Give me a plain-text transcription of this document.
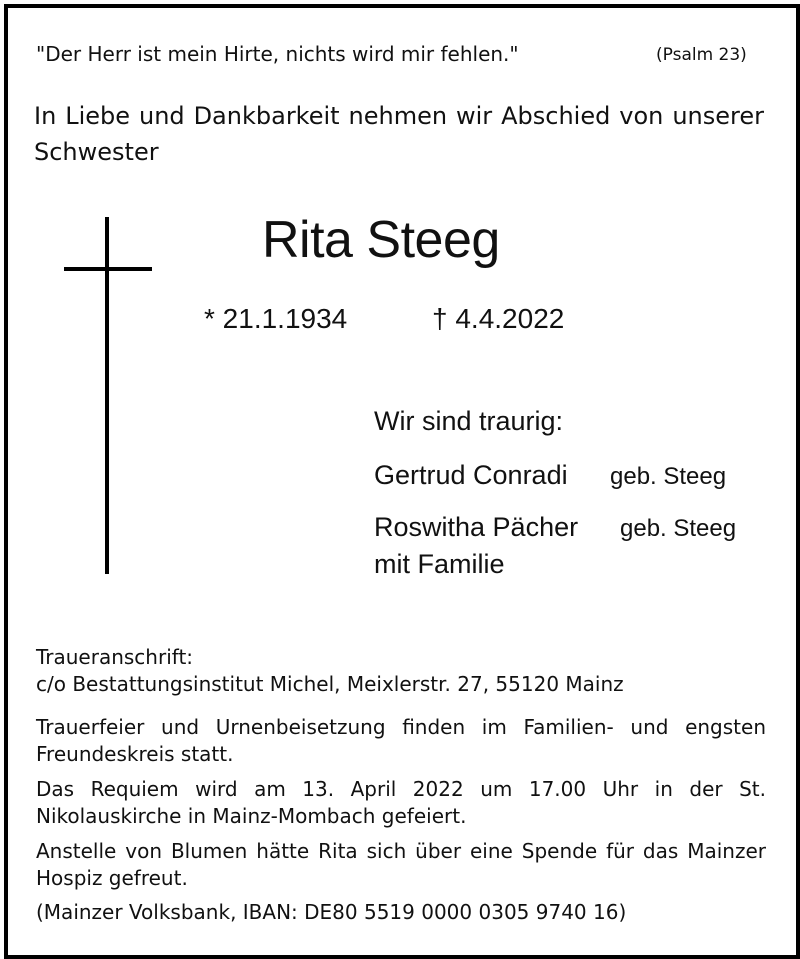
"Der Herr ist mein Hirte, nichts wird mir fehlen."	(Psalm 23)
In Liebe und Dankbarkeit nehmen wir Abschied von unserer Schwester
Rita Steeg
* 21.1.1934	† 4.4.2022
Wir sind traurig:
Gertrud Conradi geb. Steeg
Roswitha Pächer geb. Steeg
mit Familie
Traueranschrift:
c/o Bestattungsinstitut Michel, Meixlerstr. 27, 55120 Mainz
Trauerfeier und Urnenbeisetzung finden im Familien- und engsten Freundeskreis statt.
Das Requiem wird am 13. April 2022 um 17.00 Uhr in der St. Nikolauskirche in Mainz-Mombach gefeiert.
Anstelle von Blumen hätte Rita sich über eine Spende für das Mainzer Hospiz gefreut.
(Mainzer Volksbank, IBAN: DE80 5519 0000 0305 9740 16)
